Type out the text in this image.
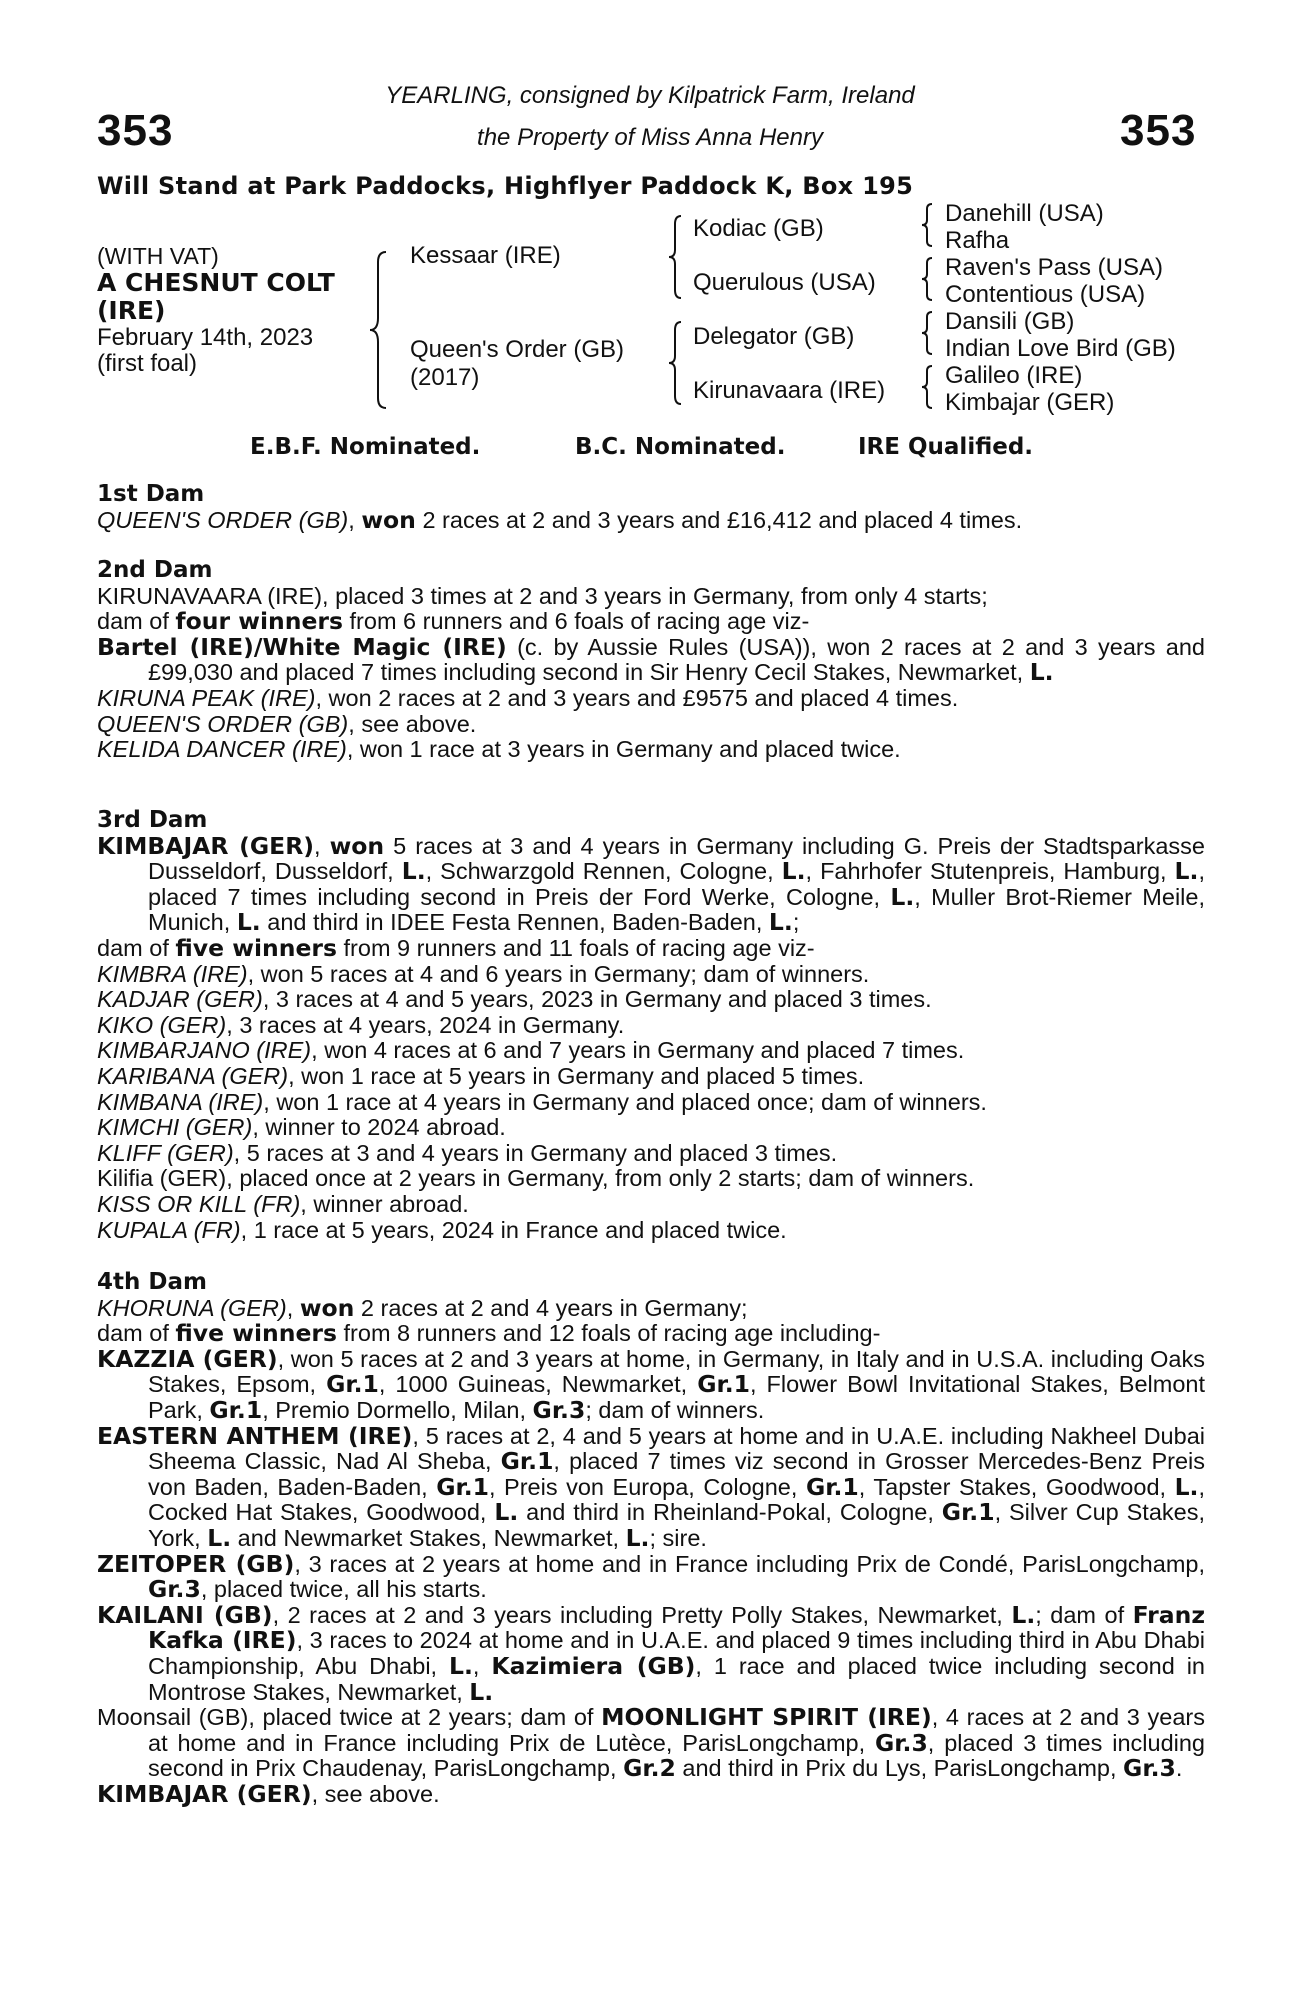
353	353
YEARLING, consigned by Kilpatrick Farm, Ireland
the Property of Miss Anna Henry
Will Stand at Park Paddocks, Highflyer Paddock K, Box 195
(WITH VAT)
A CHESNUT COLT
(IRE)
February 14th, 2023
(first foal)
Kessaar (IRE)
Queen's Order (GB)
(2017)
Kodiac (GB)
Querulous (USA)
Delegator (GB)
Kirunavaara (IRE)
Danehill (USA)
Rafha
Raven's Pass (USA)
Contentious (USA)
Dansili (GB)
Indian Love Bird (GB)
Galileo (IRE)
Kimbajar (GER)
E.B.F. Nominated.	B.C. Nominated.	IRE Qualified.

1st Dam

QUEEN'S ORDER (GB), won 2 races at 2 and 3 years and £16,412 and placed 4 times.

2nd Dam

KIRUNAVAARA (IRE), placed 3 times at 2 and 3 years in Germany, from only 4 starts;

dam of four winners from 6 runners and 6 foals of racing age viz-

Bartel (IRE)/White Magic (IRE) (c. by Aussie Rules (USA)), won 2 races at 2 and 3 years and £99,030 and placed 7 times including second in Sir Henry Cecil Stakes, Newmarket, L.

KIRUNA PEAK (IRE), won 2 races at 2 and 3 years and £9575 and placed 4 times.

QUEEN'S ORDER (GB), see above.

KELIDA DANCER (IRE), won 1 race at 3 years in Germany and placed twice.

3rd Dam

KIMBAJAR (GER), won 5 races at 3 and 4 years in Germany including G. Preis der Stadtsparkasse Dusseldorf, Dusseldorf, L., Schwarzgold Rennen, Cologne, L., Fahrhofer Stutenpreis, Hamburg, L., placed 7 times including second in Preis der Ford Werke, Cologne, L., Muller Brot-Riemer Meile, Munich, L. and third in IDEE Festa Rennen, Baden-Baden, L.;

dam of five winners from 9 runners and 11 foals of racing age viz-

KIMBRA (IRE), won 5 races at 4 and 6 years in Germany; dam of winners.

KADJAR (GER), 3 races at 4 and 5 years, 2023 in Germany and placed 3 times.

KIKO (GER), 3 races at 4 years, 2024 in Germany.

KIMBARJANO (IRE), won 4 races at 6 and 7 years in Germany and placed 7 times.

KARIBANA (GER), won 1 race at 5 years in Germany and placed 5 times.

KIMBANA (IRE), won 1 race at 4 years in Germany and placed once; dam of winners.

KIMCHI (GER), winner to 2024 abroad.

KLIFF (GER), 5 races at 3 and 4 years in Germany and placed 3 times.

Kilifia (GER), placed once at 2 years in Germany, from only 2 starts; dam of winners.

KISS OR KILL (FR), winner abroad.

KUPALA (FR), 1 race at 5 years, 2024 in France and placed twice.

4th Dam

KHORUNA (GER), won 2 races at 2 and 4 years in Germany;

dam of five winners from 8 runners and 12 foals of racing age including-

KAZZIA (GER), won 5 races at 2 and 3 years at home, in Germany, in Italy and in U.S.A. including Oaks Stakes, Epsom, Gr.1, 1000 Guineas, Newmarket, Gr.1, Flower Bowl Invitational Stakes, Belmont Park, Gr.1, Premio Dormello, Milan, Gr.3; dam of winners.

EASTERN ANTHEM (IRE), 5 races at 2, 4 and 5 years at home and in U.A.E. including Nakheel Dubai Sheema Classic, Nad Al Sheba, Gr.1, placed 7 times viz second in Grosser Mercedes-Benz Preis von Baden, Baden-Baden, Gr.1, Preis von Europa, Cologne, Gr.1, Tapster Stakes, Goodwood, L., Cocked Hat Stakes, Goodwood, L. and third in Rheinland-Pokal, Cologne, Gr.1, Silver Cup Stakes, York, L. and Newmarket Stakes, Newmarket, L.; sire.

ZEITOPER (GB), 3 races at 2 years at home and in France including Prix de Condé, ParisLongchamp, Gr.3, placed twice, all his starts.

KAILANI (GB), 2 races at 2 and 3 years including Pretty Polly Stakes, Newmarket, L.; dam of Franz Kafka (IRE), 3 races to 2024 at home and in U.A.E. and placed 9 times including third in Abu Dhabi Championship, Abu Dhabi, L., Kazimiera (GB), 1 race and placed twice including second in Montrose Stakes, Newmarket, L.

Moonsail (GB), placed twice at 2 years; dam of MOONLIGHT SPIRIT (IRE), 4 races at 2 and 3 years at home and in France including Prix de Lutèce, ParisLongchamp, Gr.3, placed 3 times including second in Prix Chaudenay, ParisLongchamp, Gr.2 and third in Prix du Lys, ParisLongchamp, Gr.3.

KIMBAJAR (GER), see above.
